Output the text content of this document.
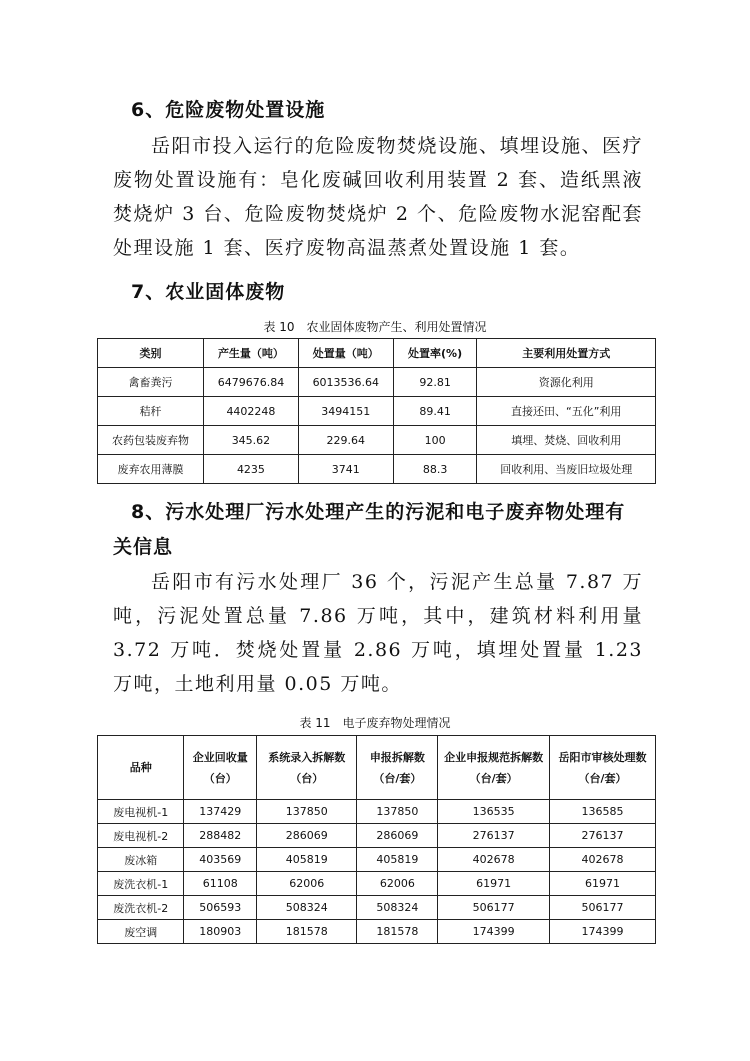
6、危险废物处置设施

岳阳市投入运行的危险废物焚烧设施、填埋设施、医疗废物处置设施有：皂化废碱回收利用装置 2 套、造纸黑液焚烧炉 3 台、危险废物焚烧炉 2 个、危险废物水泥窑配套处理设施 1 套、医疗废物高温蒸煮处置设施 1 套。

7、农业固体废物
表 10　农业固体废物产生、利用处置情况
类别	产生量（吨）	处置量（吨）	处置率(%)	主要利用处置方式
禽畜粪污	6479676.84	6013536.64	92.81	资源化利用
秸秆	4402248	3494151	89.41	直接还田、“五化”利用
农药包装废弃物	345.62	229.64	100	填埋、焚烧、回收利用
废弃农用薄膜	4235	3741	88.3	回收利用、当废旧垃圾处理
8、污水处理厂污水处理产生的污泥和电子废弃物处理有
关信息

岳阳市有污水处理厂 36 个，污泥产生总量 7.87 万吨，污泥处置总量 7.86 万吨，其中，建筑材料利用量 3.72 万吨．焚烧处置量 2.86 万吨，填埋处置量 1.23 万吨，土地利用量 0.05 万吨。

表 11　电子废弃物处理情况
品种	企业回收量（台）	系统录入拆解数（台）	申报拆解数（台/套）	企业申报规范拆解数（台/套）	岳阳市审核处理数（台/套）
废电视机-1	137429	137850	137850	136535	136585
废电视机-2	288482	286069	286069	276137	276137
废冰箱	403569	405819	405819	402678	402678
废洗衣机-1	61108	62006	62006	61971	61971
废洗衣机-2	506593	508324	508324	506177	506177
废空调	180903	181578	181578	174399	174399
